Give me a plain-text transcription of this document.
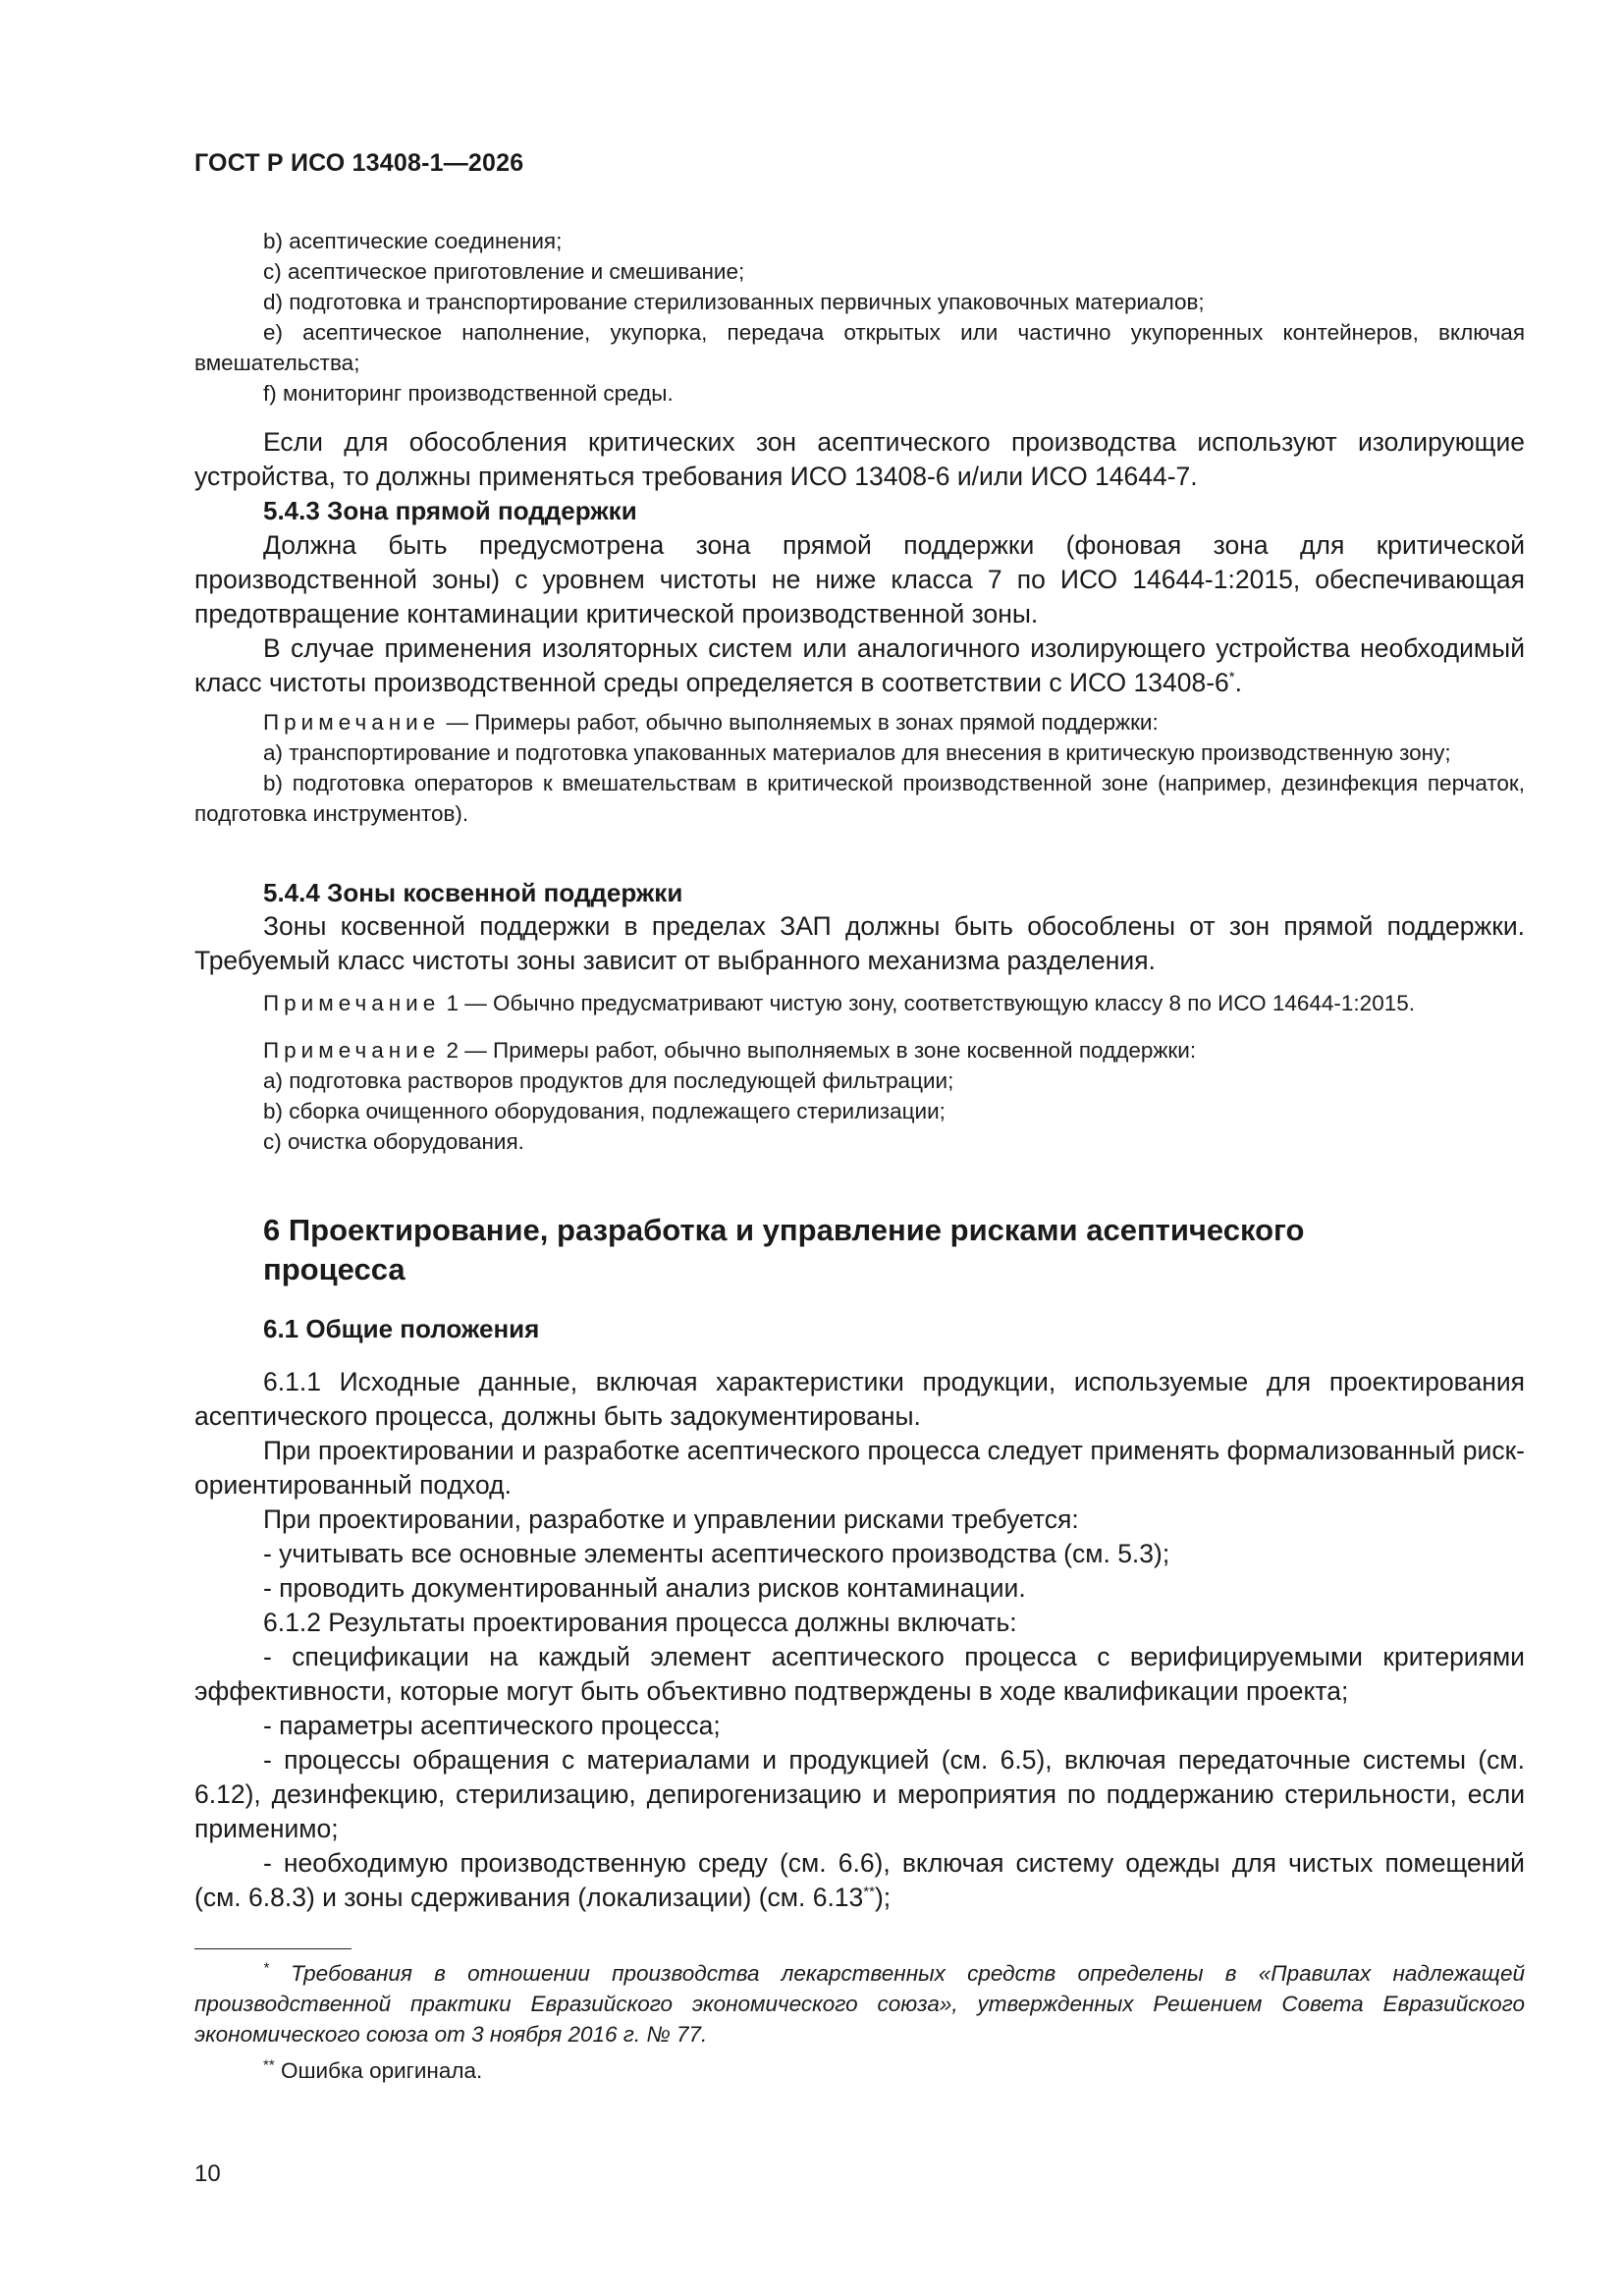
ГОСТ Р ИСО 13408-1—2026

b) асептические соединения;

c) асептическое приготовление и смешивание;

d) подготовка и транспортирование стерилизованных первичных упаковочных материалов;

e) асептическое наполнение, укупорка, передача открытых или частично укупоренных контейнеров, включая вмешательства;

f) мониторинг производственной среды.

Если для обособления критических зон асептического производства используют изолирующие устройства, то должны применяться требования ИСО 13408-6 и/или ИСО 14644-7.

5.4.3 Зона прямой поддержки

Должна быть предусмотрена зона прямой поддержки (фоновая зона для критической производственной зоны) с уровнем чистоты не ниже класса 7 по ИСО 14644-1:2015, обеспечивающая предотвращение контаминации критической производственной зоны.

В случае применения изоляторных систем или аналогичного изолирующего устройства необходимый класс чистоты производственной среды определяется в соответствии с ИСО 13408-6*.

Примечание — Примеры работ, обычно выполняемых в зонах прямой поддержки:

a) транспортирование и подготовка упакованных материалов для внесения в критическую производственную зону;

b) подготовка операторов к вмешательствам в критической производственной зоне (например, дезинфекция перчаток, подготовка инструментов).

5.4.4 Зоны косвенной поддержки

Зоны косвенной поддержки в пределах ЗАП должны быть обособлены от зон прямой поддержки. Требуемый класс чистоты зоны зависит от выбранного механизма разделения.

Примечание 1 — Обычно предусматривают чистую зону, соответствующую классу 8 по ИСО 14644-1:2015.

Примечание 2 — Примеры работ, обычно выполняемых в зоне косвенной поддержки:

a) подготовка растворов продуктов для последующей фильтрации;

b) сборка очищенного оборудования, подлежащего стерилизации;

c) очистка оборудования.

6 Проектирование, разработка и управление рисками асептического процесса

6.1 Общие положения

6.1.1 Исходные данные, включая характеристики продукции, используемые для проектирования асептического процесса, должны быть задокументированы.

При проектировании и разработке асептического процесса следует применять формализованный риск-ориентированный подход.

При проектировании, разработке и управлении рисками требуется:

- учитывать все основные элементы асептического производства (см. 5.3);

- проводить документированный анализ рисков контаминации.

6.1.2 Результаты проектирования процесса должны включать:

- спецификации на каждый элемент асептического процесса с верифицируемыми критериями эффективности, которые могут быть объективно подтверждены в ходе квалификации проекта;

- параметры асептического процесса;

- процессы обращения с материалами и продукцией (см. 6.5), включая передаточные системы (см. 6.12), дезинфекцию, стерилизацию, депирогенизацию и мероприятия по поддержанию стерильности, если применимо;

- необходимую производственную среду (см. 6.6), включая систему одежды для чистых помещений (см. 6.8.3) и зоны сдерживания (локализации) (см. 6.13**);

* Требования в отношении производства лекарственных средств определены в «Правилах надлежащей производственной практики Евразийского экономического союза», утвержденных Решением Совета Евразийского экономического союза от 3 ноября 2016 г. № 77.

** Ошибка оригинала.

10
